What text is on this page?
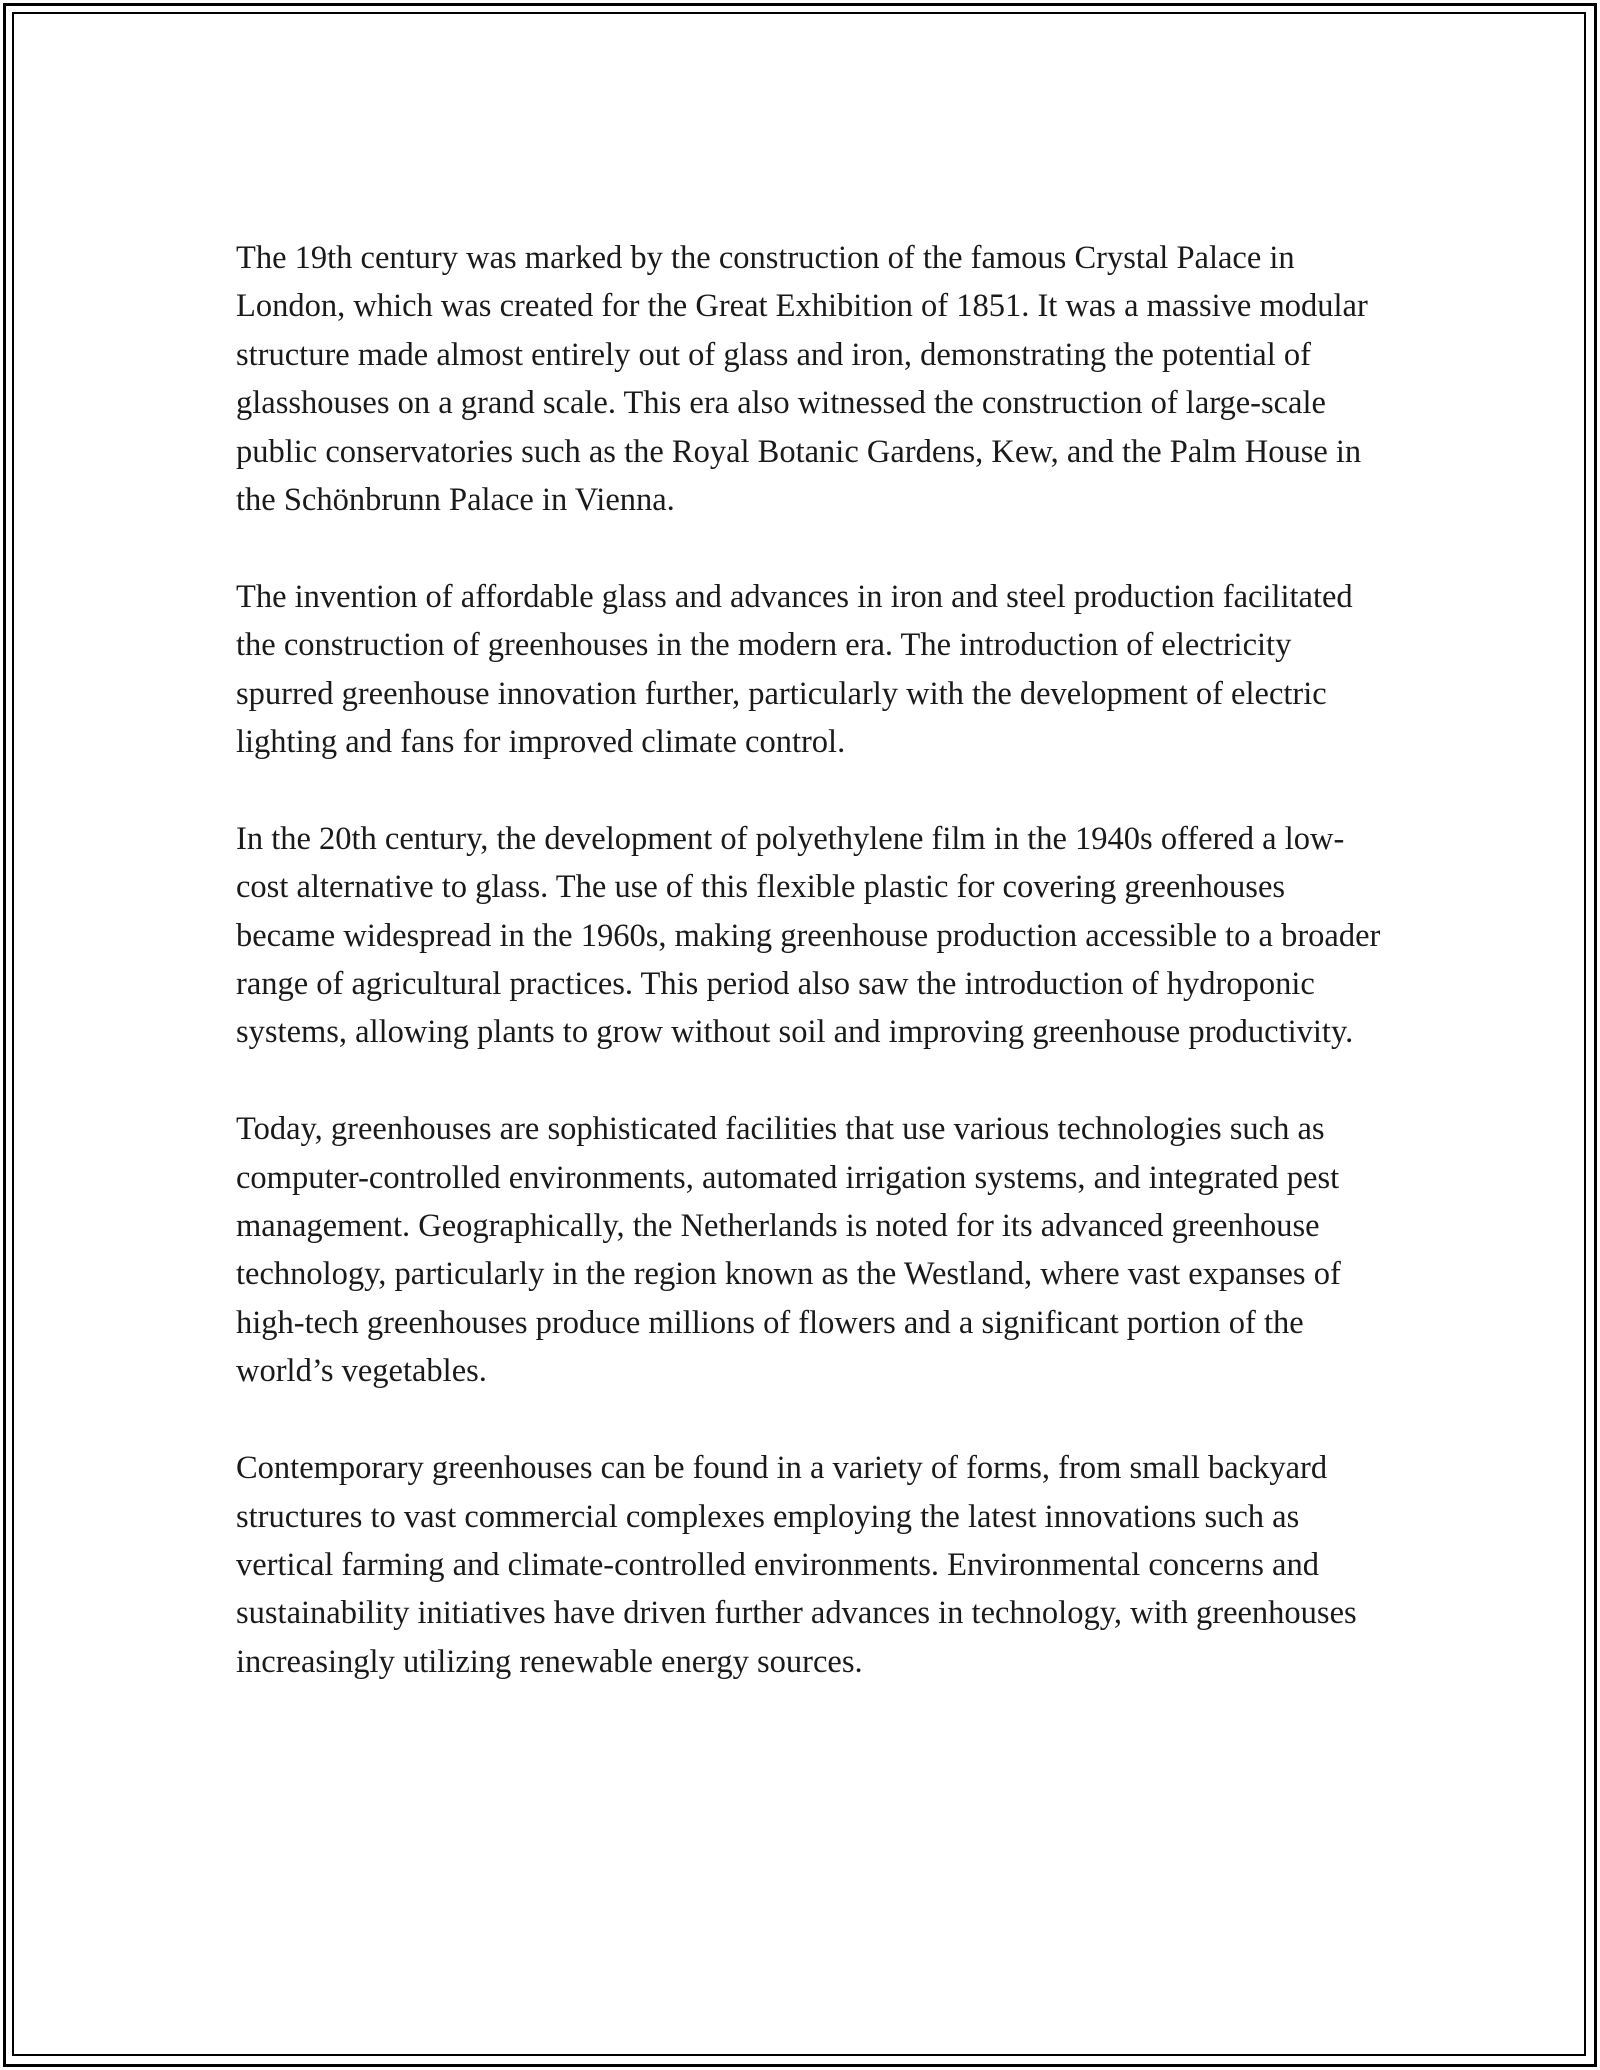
The 19th century was marked by the construction of the famous Crystal Palace in London, which was created for the Great Exhibition of 1851. It was a massive modular structure made almost entirely out of glass and iron, demonstrating the potential of glasshouses on a grand scale. This era also witnessed the construction of large-scale public conservatories such as the Royal Botanic Gardens, Kew, and the Palm House in the Schönbrunn Palace in Vienna.

The invention of affordable glass and advances in iron and steel production facilitated the construction of greenhouses in the modern era. The introduction of electricity spurred greenhouse innovation further, particularly with the development of electric lighting and fans for improved climate control.

In the 20th century, the development of polyethylene film in the 1940s offered a low-cost alternative to glass. The use of this flexible plastic for covering greenhouses became widespread in the 1960s, making greenhouse production accessible to a broader range of agricultural practices. This period also saw the introduction of hydroponic systems, allowing plants to grow without soil and improving greenhouse productivity.

Today, greenhouses are sophisticated facilities that use various technologies such as computer-controlled environments, automated irrigation systems, and integrated pest management. Geographically, the Netherlands is noted for its advanced greenhouse technology, particularly in the region known as the Westland, where vast expanses of high-tech greenhouses produce millions of flowers and a significant portion of the world’s vegetables.

Contemporary greenhouses can be found in a variety of forms, from small backyard structures to vast commercial complexes employing the latest innovations such as vertical farming and climate-controlled environments. Environmental concerns and sustainability initiatives have driven further advances in technology, with greenhouses increasingly utilizing renewable energy sources.
